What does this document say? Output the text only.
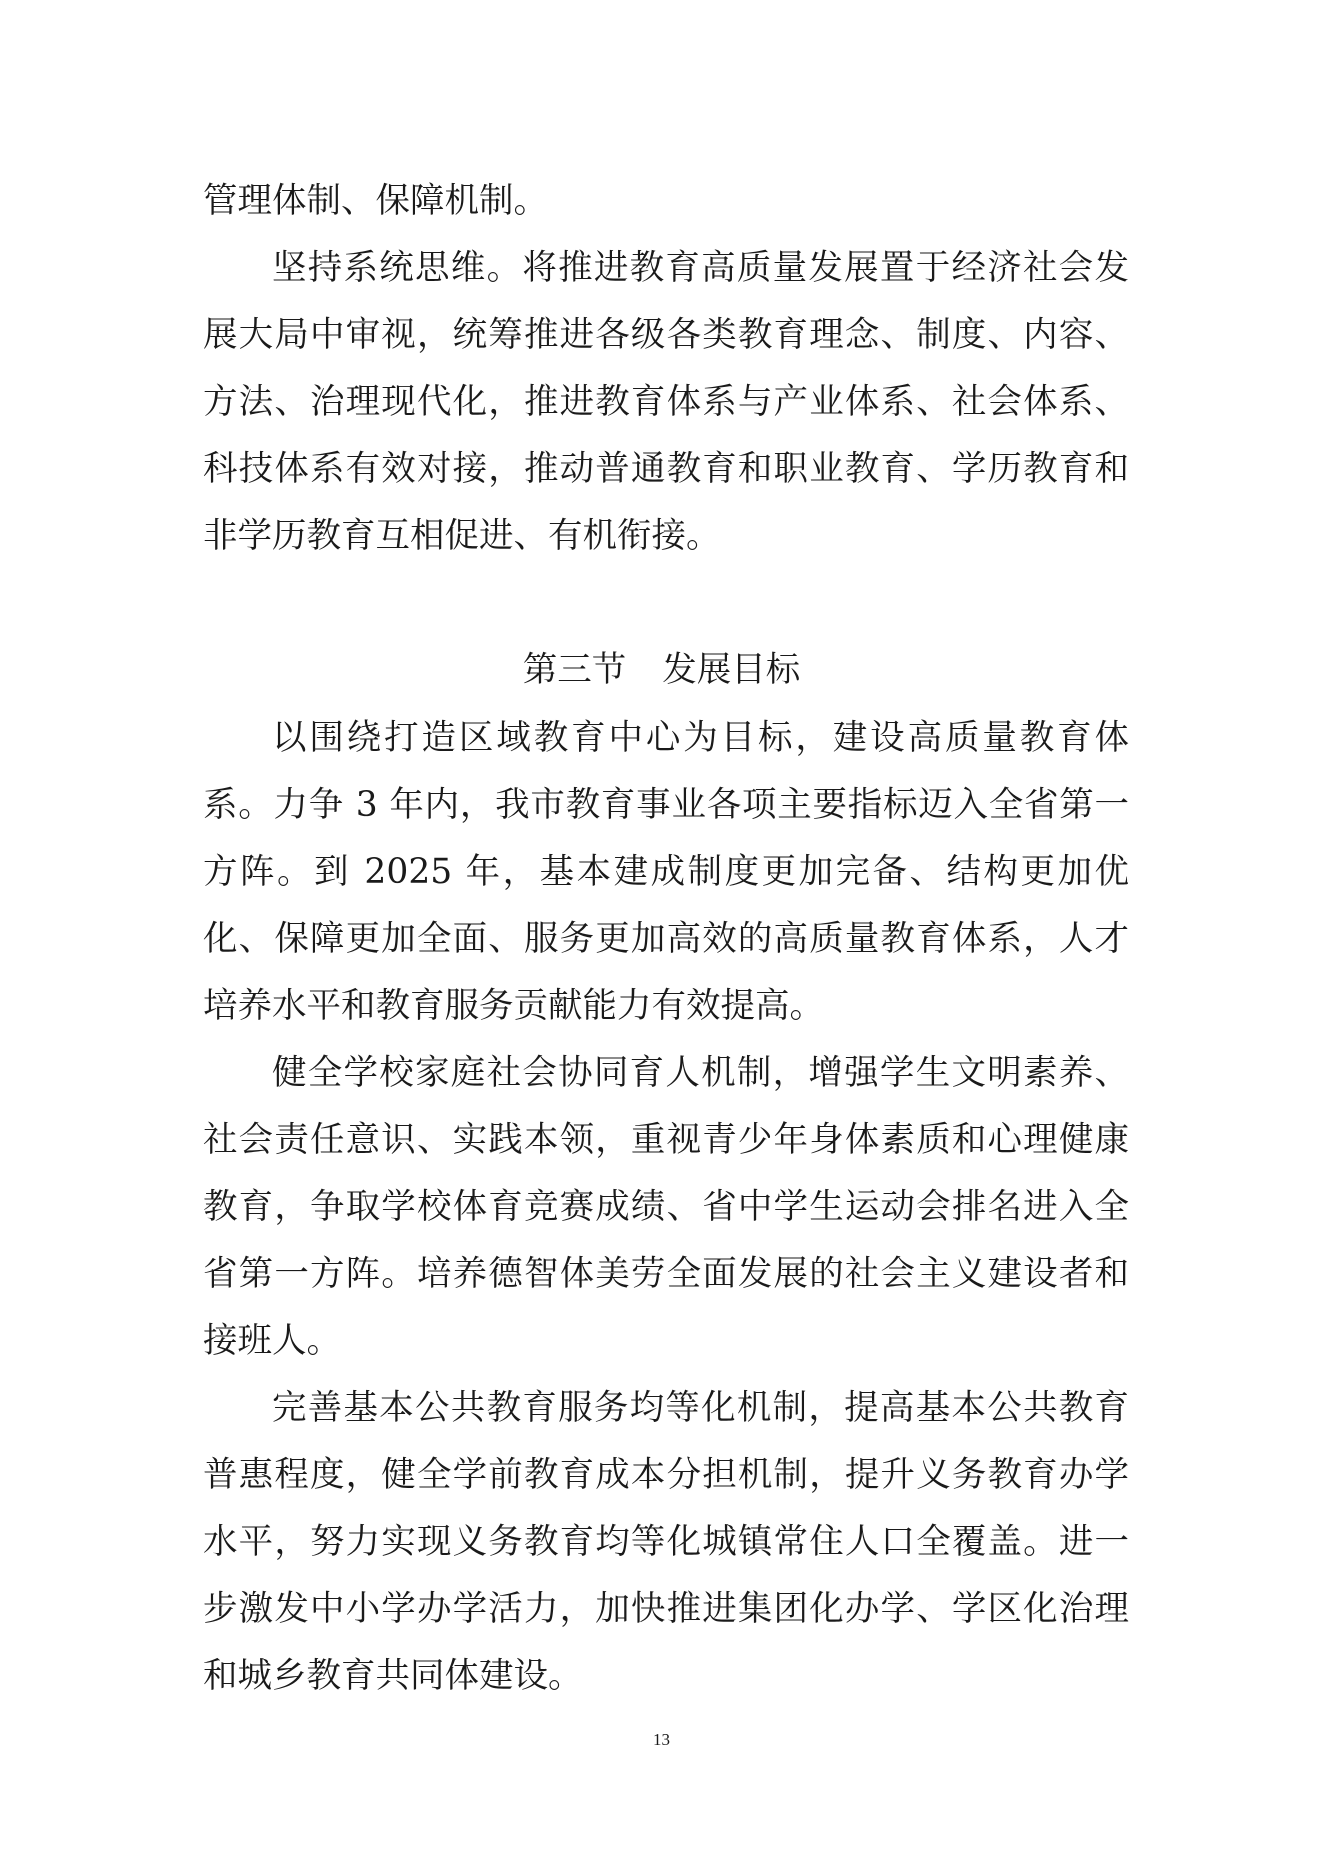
管理体制、保障机制。

坚持系统思维。将推进教育高质量发展置于经济社会发展大局中审视，统筹推进各级各类教育理念、制度、内容、方法、治理现代化，推进教育体系与产业体系、社会体系、科技体系有效对接，推动普通教育和职业教育、学历教育和非学历教育互相促进、有机衔接。

第三节 发展目标

以围绕打造区域教育中心为目标，建设高质量教育体系。力争 3 年内，我市教育事业各项主要指标迈入全省第一方阵。到 2025 年，基本建成制度更加完备、结构更加优化、保障更加全面、服务更加高效的高质量教育体系，人才培养水平和教育服务贡献能力有效提高。

健全学校家庭社会协同育人机制，增强学生文明素养、社会责任意识、实践本领，重视青少年身体素质和心理健康教育，争取学校体育竞赛成绩、省中学生运动会排名进入全省第一方阵。培养德智体美劳全面发展的社会主义建设者和接班人。

完善基本公共教育服务均等化机制，提高基本公共教育普惠程度，健全学前教育成本分担机制，提升义务教育办学水平，努力实现义务教育均等化城镇常住人口全覆盖。进一步激发中小学办学活力，加快推进集团化办学、学区化治理和城乡教育共同体建设。

13
